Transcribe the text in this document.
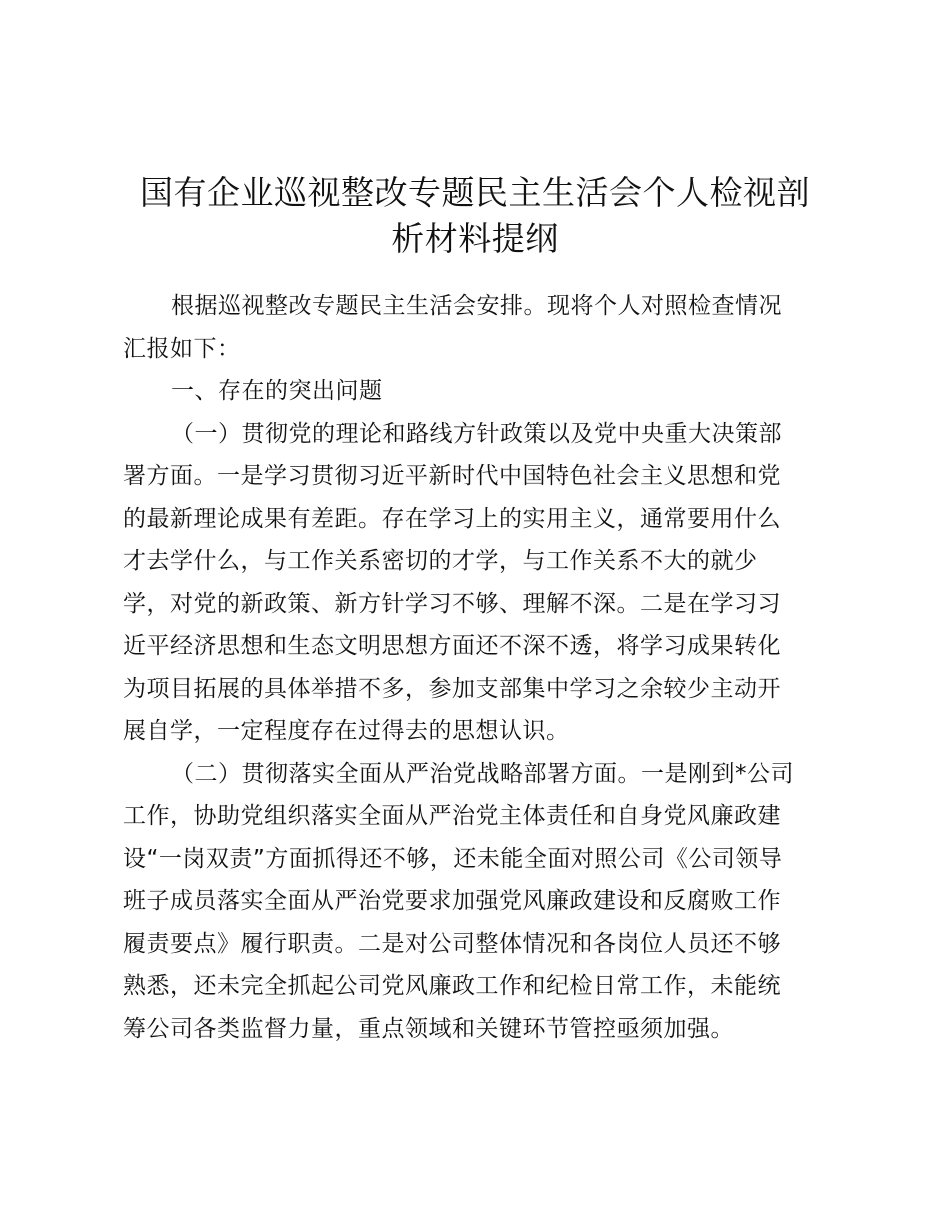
国有企业巡视整改专题民主生活会个人检视剖
析材料提纲
根据巡视整改专题民主生活会安排。现将个人对照检查情况
汇报如下：
一、存在的突出问题
（一）贯彻党的理论和路线方针政策以及党中央重大决策部
署方面。一是学习贯彻习近平新时代中国特色社会主义思想和党
的最新理论成果有差距。存在学习上的实用主义，通常要用什么
才去学什么，与工作关系密切的才学，与工作关系不大的就少
学，对党的新政策、新方针学习不够、理解不深。二是在学习习
近平经济思想和生态文明思想方面还不深不透，将学习成果转化
为项目拓展的具体举措不多，参加支部集中学习之余较少主动开
展自学，一定程度存在过得去的思想认识。
（二）贯彻落实全面从严治党战略部署方面。一是刚到*公司
工作，协助党组织落实全面从严治党主体责任和自身党风廉政建
设“一岗双责”方面抓得还不够，还未能全面对照公司《公司领导
班子成员落实全面从严治党要求加强党风廉政建设和反腐败工作
履责要点》履行职责。二是对公司整体情况和各岗位人员还不够
熟悉，还未完全抓起公司党风廉政工作和纪检日常工作，未能统
筹公司各类监督力量，重点领域和关键环节管控亟须加强。
